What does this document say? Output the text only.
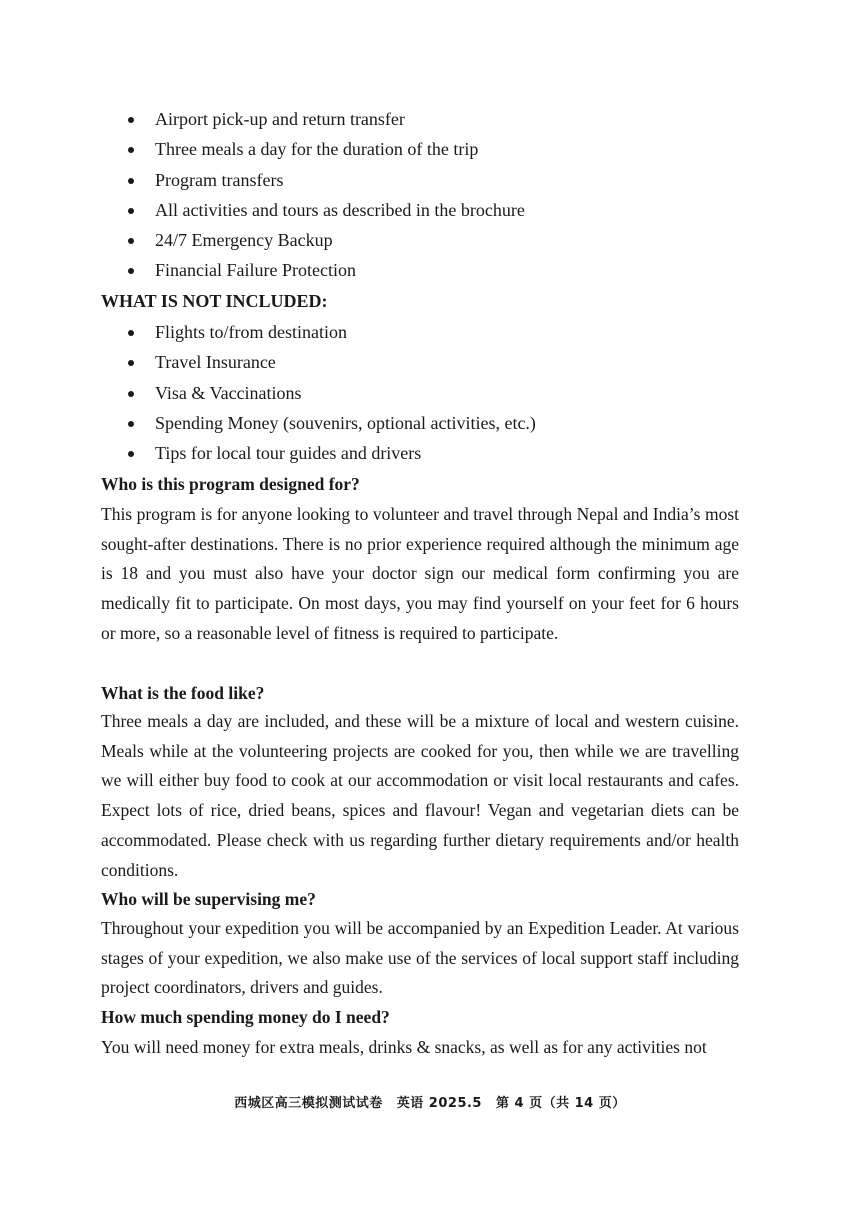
Airport pick-up and return transfer
Three meals a day for the duration of the trip
Program transfers
All activities and tours as described in the brochure
24/7 Emergency Backup
Financial Failure Protection
WHAT IS NOT INCLUDED:
Flights to/from destination
Travel Insurance
Visa & Vaccinations
Spending Money (souvenirs, optional activities, etc.)
Tips for local tour guides and drivers
Who is this program designed for?
This program is for anyone looking to volunteer and travel through Nepal and India’s most sought-after destinations. There is no prior experience required although the minimum age is 18 and you must also have your doctor sign our medical form confirming you are medically fit to participate. On most days, you may find yourself on your feet for 6 hours or more, so a reasonable level of fitness is required to participate.
What is the food like?
Three meals a day are included, and these will be a mixture of local and western cuisine. Meals while at the volunteering projects are cooked for you, then while we are travelling we will either buy food to cook at our accommodation or visit local restaurants and cafes. Expect lots of rice, dried beans, spices and flavour! Vegan and vegetarian diets can be accommodated. Please check with us regarding further dietary requirements and/or health conditions.
Who will be supervising me?
Throughout your expedition you will be accompanied by an Expedition Leader. At various stages of your expedition, we also make use of the services of local support staff including project coordinators, drivers and guides.
How much spending money do I need?
You will need money for extra meals, drinks & snacks, as well as for any activities not
西城区高三模拟测试试卷 英语 2025.5 第 4 页（共 14 页）
